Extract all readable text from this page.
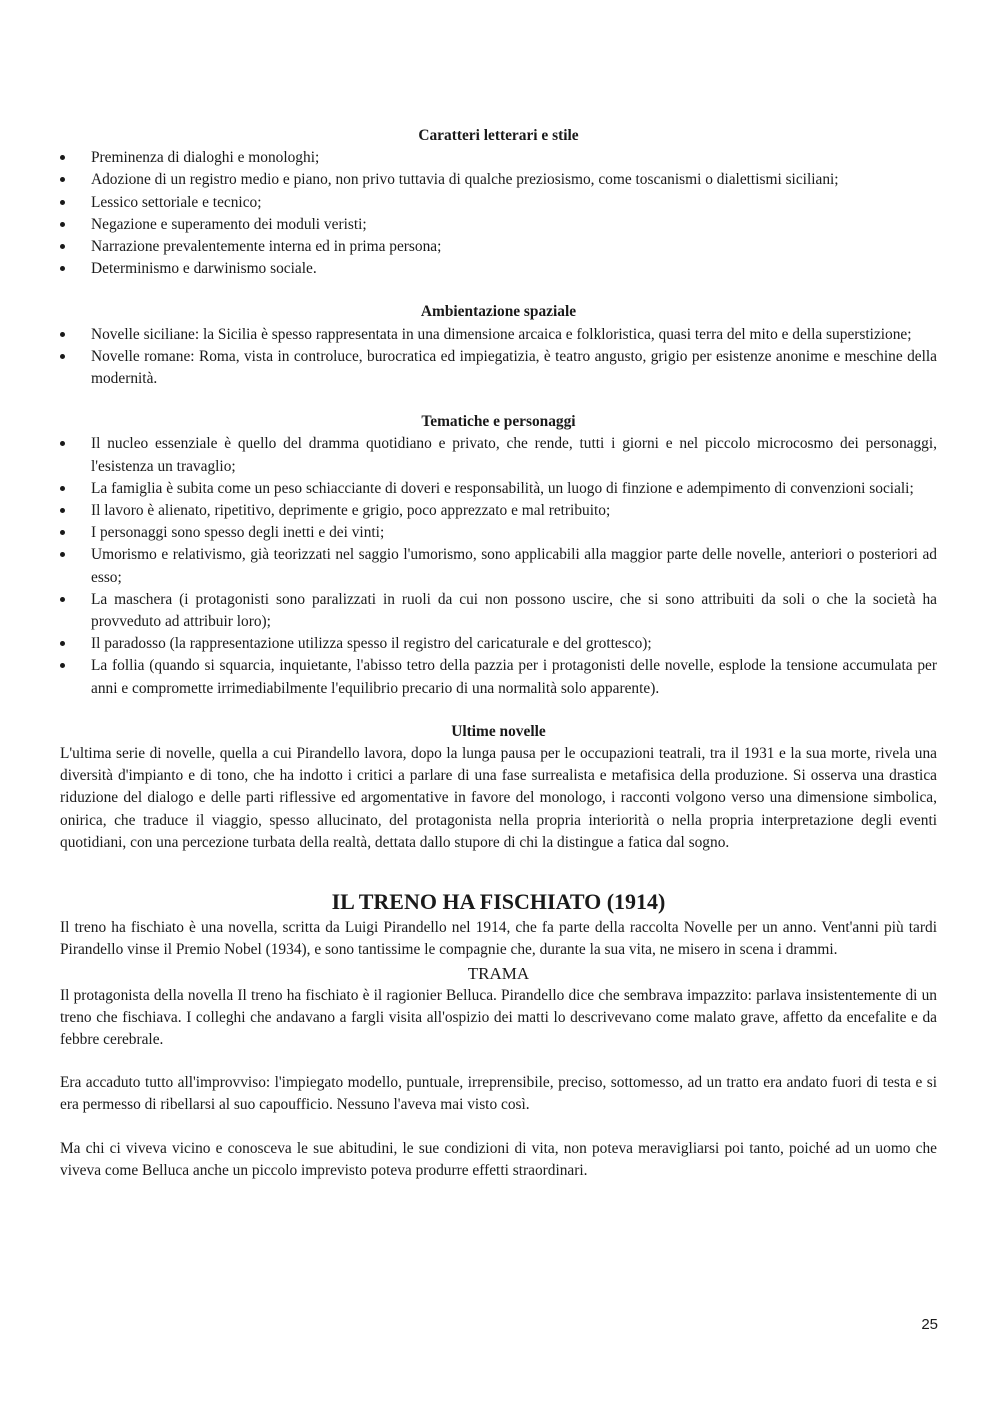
Caratteri letterari e stile

Preminenza di dialoghi e monologhi;
Adozione di un registro medio e piano, non privo tuttavia di qualche preziosismo, come toscanismi o dialettismi siciliani;
Lessico settoriale e tecnico;
Negazione e superamento dei moduli veristi;
Narrazione prevalentemente interna ed in prima persona;
Determinismo e darwinismo sociale.

Ambientazione spaziale

Novelle siciliane: la Sicilia è spesso rappresentata in una dimensione arcaica e folkloristica, quasi terra del mito e della superstizione;
Novelle romane: Roma, vista in controluce, burocratica ed impiegatizia, è teatro angusto, grigio per esistenze anonime e meschine della modernità.

Tematiche e personaggi

Il nucleo essenziale è quello del dramma quotidiano e privato, che rende, tutti i giorni e nel piccolo microcosmo dei personaggi, l'esistenza un travaglio;
La famiglia è subita come un peso schiacciante di doveri e responsabilità, un luogo di finzione e adempimento di convenzioni sociali;
Il lavoro è alienato, ripetitivo, deprimente e grigio, poco apprezzato e mal retribuito;
I personaggi sono spesso degli inetti e dei vinti;
Umorismo e relativismo, già teorizzati nel saggio l'umorismo, sono applicabili alla maggior parte delle novelle, anteriori o posteriori ad esso;
La maschera (i protagonisti sono paralizzati in ruoli da cui non possono uscire, che si sono attribuiti da soli o che la società ha provveduto ad attribuir loro);
Il paradosso (la rappresentazione utilizza spesso il registro del caricaturale e del grottesco);
La follia (quando si squarcia, inquietante, l'abisso tetro della pazzia per i protagonisti delle novelle, esplode la tensione accumulata per anni e compromette irrimediabilmente l'equilibrio precario di una normalità solo apparente).

Ultime novelle

L'ultima serie di novelle, quella a cui Pirandello lavora, dopo la lunga pausa per le occupazioni teatrali, tra il 1931 e la sua morte, rivela una diversità d'impianto e di tono, che ha indotto i critici a parlare di una fase surrealista e metafisica della produzione. Si osserva una drastica riduzione del dialogo e delle parti riflessive ed argomentative in favore del monologo, i racconti volgono verso una dimensione simbolica, onirica, che traduce il viaggio, spesso allucinato, del protagonista nella propria interiorità o nella propria interpretazione degli eventi quotidiani, con una percezione turbata della realtà, dettata dallo stupore di chi la distingue a fatica dal sogno.

IL TRENO HA FISCHIATO (1914)

Il treno ha fischiato è una novella, scritta da Luigi Pirandello nel 1914, che fa parte della raccolta Novelle per un anno. Vent'anni più tardi Pirandello vinse il Premio Nobel (1934), e sono tantissime le compagnie che, durante la sua vita, ne misero in scena i drammi.

TRAMA

Il protagonista della novella Il treno ha fischiato è il ragionier Belluca. Pirandello dice che sembrava impazzito: parlava insistentemente di un treno che fischiava. I colleghi che andavano a fargli visita all'ospizio dei matti lo descrivevano come malato grave, affetto da encefalite e da febbre cerebrale.

Era accaduto tutto all'improvviso: l'impiegato modello, puntuale, irreprensibile, preciso, sottomesso, ad un tratto era andato fuori di testa e si era permesso di ribellarsi al suo capoufficio. Nessuno l'aveva mai visto così.

Ma chi ci viveva vicino e conosceva le sue abitudini, le sue condizioni di vita, non poteva meravigliarsi poi tanto, poiché ad un uomo che viveva come Belluca anche un piccolo imprevisto poteva produrre effetti straordinari.

25
